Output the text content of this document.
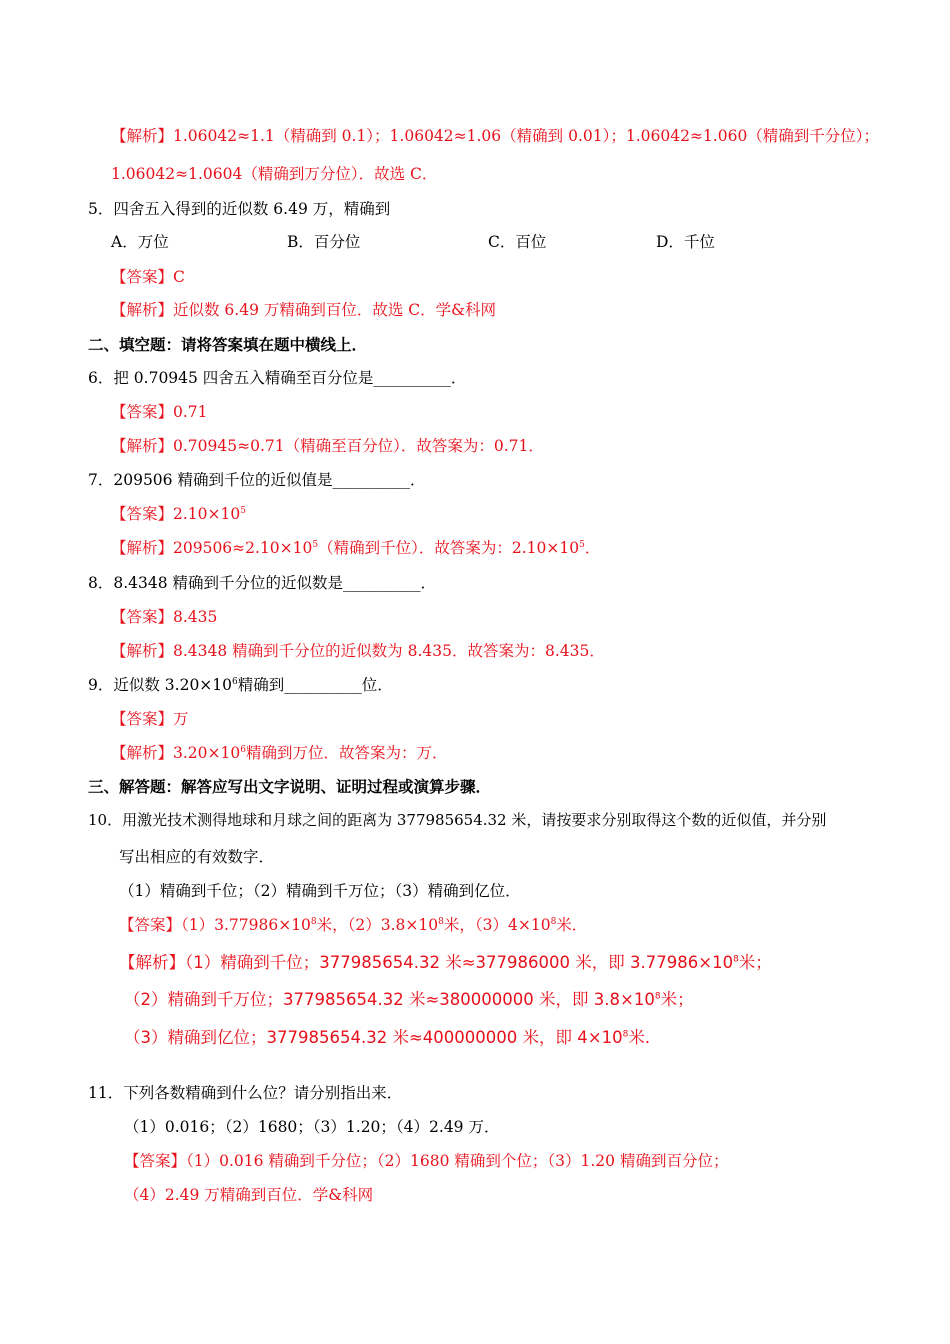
【解析】1.06042≈1.1（精确到 0.1）；1.06042≈1.06（精确到 0.01）；1.06042≈1.060（精确到千分位）；
1.06042≈1.0604（精确到万分位）．故选 C．
5．四舍五入得到的近似数 6.49 万，精确到
A．万位	B．百分位	C．百位	D．千位
【答案】C
【解析】近似数 6.49 万精确到百位．故选 C．学&科网
二、填空题：请将答案填在题中横线上．
6．把 0.70945 四舍五入精确至百分位是__________．
【答案】0.71
【解析】0.70945≈0.71（精确至百分位）．故答案为：0.71．
7．209506 精确到千位的近似值是__________．
【答案】$2.10\times 10^5$
【解析】$209506\approx 2.10\times 10^5$（精确到千位）．故答案为：$2.10\times 10^5$．
8．8.4348 精确到千分位的近似数是__________．
【答案】8.435
【解析】8.4348 精确到千分位的近似数为 8.435．故答案为：8.435．
9．近似数 $3.20\times 10^6$精确到__________位．
【答案】万
【解析】$3.20\times 10^6$精确到万位．故答案为：万．
三、解答题：解答应写出文字说明、证明过程或演算步骤．
10．用激光技术测得地球和月球之间的距离为 377985654.32 米，请按要求分别取得这个数的近似值，并分别
写出相应的有效数字．
（1）精确到千位；（2）精确到千万位；（3）精确到亿位．
【答案】$(1)3.77986\times 10^8$米，$(2)3.8\times 10^8$米，$(3)4\times 10^8$米．
【解析】（1）精确到千位；377985654.32 米≈377986000 米，即 $3.77986\times 10^8$米；
（2）精确到千万位；377985654.32 米≈380000000 米，即 $3.8\times 10^8$米；
（3）精确到亿位；377985654.32 米≈400000000 米，即 $4\times 10^8$米．
11．下列各数精确到什么位？请分别指出来．
（1）0.016；（2）1680；（3）1.20；（4）2.49 万．
【答案】（1）0.016 精确到千分位；（2）1680 精确到个位；（3）1.20 精确到百分位；
（4）2.49 万精确到百位．学&科网
